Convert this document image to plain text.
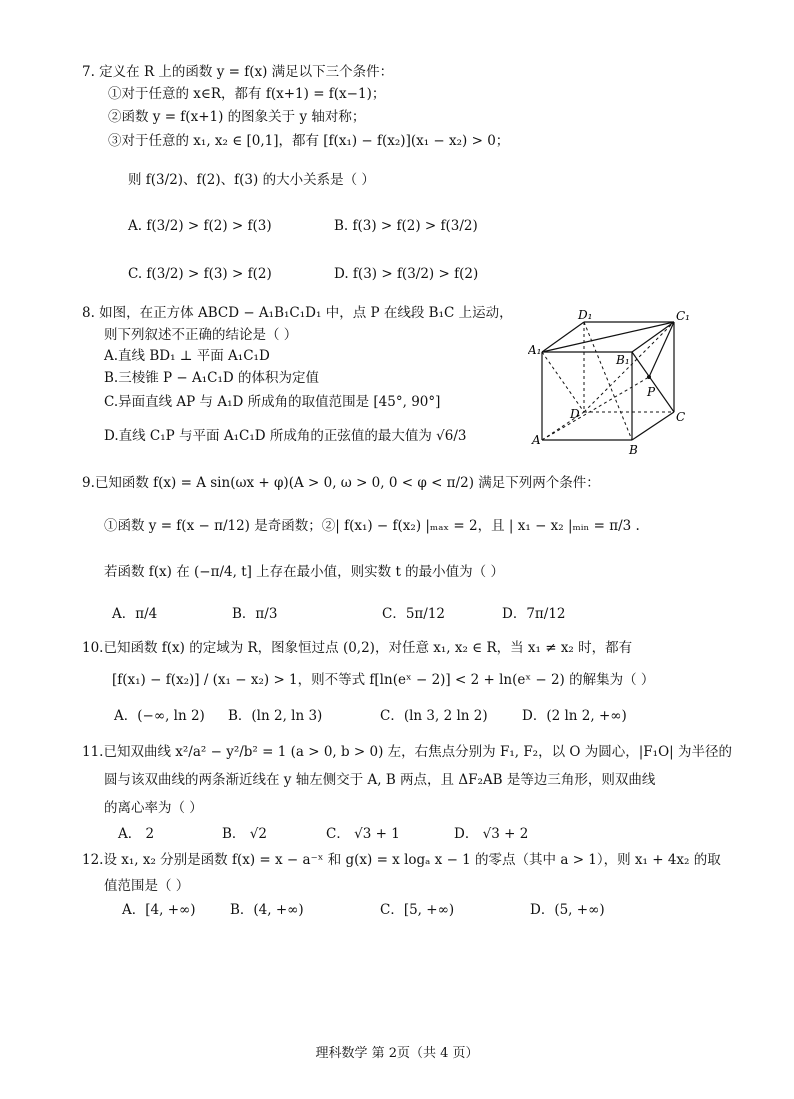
7. 定义在 R 上的函数 y = f(x) 满足以下三个条件：
①对于任意的 x∈R，都有 f(x+1) = f(x−1)；
②函数 y = f(x+1) 的图象关于 y 轴对称；
③对于任意的 x₁, x₂ ∈ [0,1]，都有 [f(x₁) − f(x₂)](x₁ − x₂) > 0；
则 f(3/2)、f(2)、f(3) 的大小关系是（ ）
A. f(3/2) > f(2) > f(3)	B. f(3) > f(2) > f(3/2)
C. f(3/2) > f(3) > f(2)	D. f(3) > f(3/2) > f(2)
8. 如图，在正方体 ABCD − A₁B₁C₁D₁ 中，点 P 在线段 B₁C 上运动，
则下列叙述不正确的结论是（ ）
A.直线 BD₁ ⊥ 平面 A₁C₁D
B.三棱锥 P − A₁C₁D 的体积为定值
C.异面直线 AP 与 A₁D 所成角的取值范围是 [45°, 90°]
D.直线 C₁P 与平面 A₁C₁D 所成角的正弦值的最大值为 √6/3
D₁	C₁
A₁
B₁
P
D	C
A
B
9.已知函数 f(x) = A sin(ωx + φ)(A > 0, ω > 0, 0 < φ < π/2) 满足下列两个条件：
①函数 y = f(x − π/12) 是奇函数；②| f(x₁) − f(x₂) |ₘₐₓ = 2，且 | x₁ − x₂ |ₘᵢₙ = π/3 .
若函数 f(x) 在 (−π/4, t] 上存在最小值，则实数 t 的最小值为（ ）
A．π/4	B．π/3	C．5π/12	D．7π/12
10.已知函数 f(x) 的定域为 R，图象恒过点 (0,2)，对任意 x₁, x₂ ∈ R，当 x₁ ≠ x₂ 时，都有
[f(x₁) − f(x₂)] / (x₁ − x₂) > 1，则不等式 f[ln(eˣ − 2)] < 2 + ln(eˣ − 2) 的解集为（ ）
A．(−∞, ln 2) B．(ln 2, ln 3)	C．(ln 3, 2 ln 2)	D．(2 ln 2, +∞)
11.已知双曲线 x²/a² − y²/b² = 1 (a > 0, b > 0) 左，右焦点分别为 F₁, F₂，以 O 为圆心，|F₁O| 为半径的
圆与该双曲线的两条渐近线在 y 轴左侧交于 A, B 两点，且 ΔF₂AB 是等边三角形，则双曲线
的离心率为（ ）
A． 2	B． √2	C． √3 + 1	D． √3 + 2
12.设 x₁, x₂ 分别是函数 f(x) = x − a⁻ˣ 和 g(x) = x logₐ x − 1 的零点（其中 a > 1），则 x₁ + 4x₂ 的取
值范围是（ ）
A．[4, +∞)	B．(4, +∞)	C．[5, +∞)	D．(5, +∞)
理科数学 第 2页（共 4 页）
